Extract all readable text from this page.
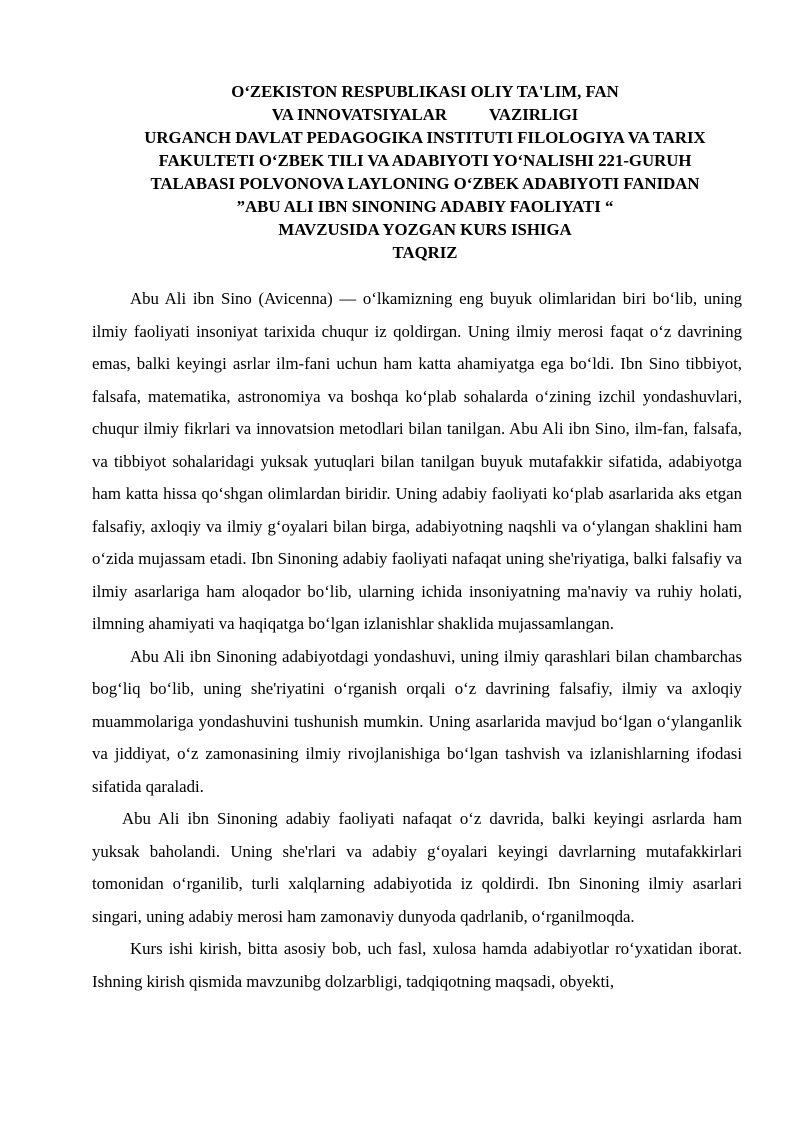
O‘ZEKISTON RESPUBLIKASI OLIY TA'LIM, FAN
VA INNOVATSIYALAR	VAZIRLIGI
URGANCH DAVLAT PEDAGOGIKA INSTITUTI FILOLOGIYA VA TARIX
FAKULTETI O‘ZBEK TILI VA ADABIYOTI YO‘NALISHI 221-GURUH
TALABASI POLVONOVA LAYLONING O‘ZBEK ADABIYOTI FANIDAN
”ABU ALI IBN SINONING ADABIY FAOLIYATI “
MAVZUSIDA YOZGAN KURS ISHIGA
TAQRIZ

Abu Ali ibn Sino (Avicenna) — o‘lkamizning eng buyuk olimlaridan biri bo‘lib, uning ilmiy faoliyati insoniyat tarixida chuqur iz qoldirgan. Uning ilmiy merosi faqat o‘z davrining emas, balki keyingi asrlar ilm-fani uchun ham katta ahamiyatga ega bo‘ldi. Ibn Sino tibbiyot, falsafa, matematika, astronomiya va boshqa ko‘plab sohalarda o‘zining izchil yondashuvlari, chuqur ilmiy fikrlari va innovatsion metodlari bilan tanilgan. Abu Ali ibn Sino, ilm-fan, falsafa, va tibbiyot sohalaridagi yuksak yutuqlari bilan tanilgan buyuk mutafakkir sifatida, adabiyotga ham katta hissa qo‘shgan olimlardan biridir. Uning adabiy faoliyati ko‘plab asarlarida aks etgan falsafiy, axloqiy va ilmiy g‘oyalari bilan birga, adabiyotning naqshli va o‘ylangan shaklini ham o‘zida mujassam etadi. Ibn Sinoning adabiy faoliyati nafaqat uning she'riyatiga, balki falsafiy va ilmiy asarlariga ham aloqador bo‘lib, ularning ichida insoniyatning ma'naviy va ruhiy holati, ilmning ahamiyati va haqiqatga bo‘lgan izlanishlar shaklida mujassamlangan.

Abu Ali ibn Sinoning adabiyotdagi yondashuvi, uning ilmiy qarashlari bilan chambarchas bog‘liq bo‘lib, uning she'riyatini o‘rganish orqali o‘z davrining falsafiy, ilmiy va axloqiy muammolariga yondashuvini tushunish mumkin. Uning asarlarida mavjud bo‘lgan o‘ylanganlik va jiddiyat, o‘z zamonasining ilmiy rivojlanishiga bo‘lgan tashvish va izlanishlarning ifodasi sifatida qaraladi.

Abu Ali ibn Sinoning adabiy faoliyati nafaqat o‘z davrida, balki keyingi asrlarda ham yuksak baholandi. Uning she'rlari va adabiy g‘oyalari keyingi davrlarning mutafakkirlari tomonidan o‘rganilib, turli xalqlarning adabiyotida iz qoldirdi. Ibn Sinoning ilmiy asarlari singari, uning adabiy merosi ham zamonaviy dunyoda qadrlanib, o‘rganilmoqda.

Kurs ishi kirish, bitta asosiy bob, uch fasl, xulosa hamda adabiyotlar ro‘yxatidan iborat. Ishning kirish qismida mavzunibg dolzarbligi, tadqiqotning maqsadi, obyekti,
